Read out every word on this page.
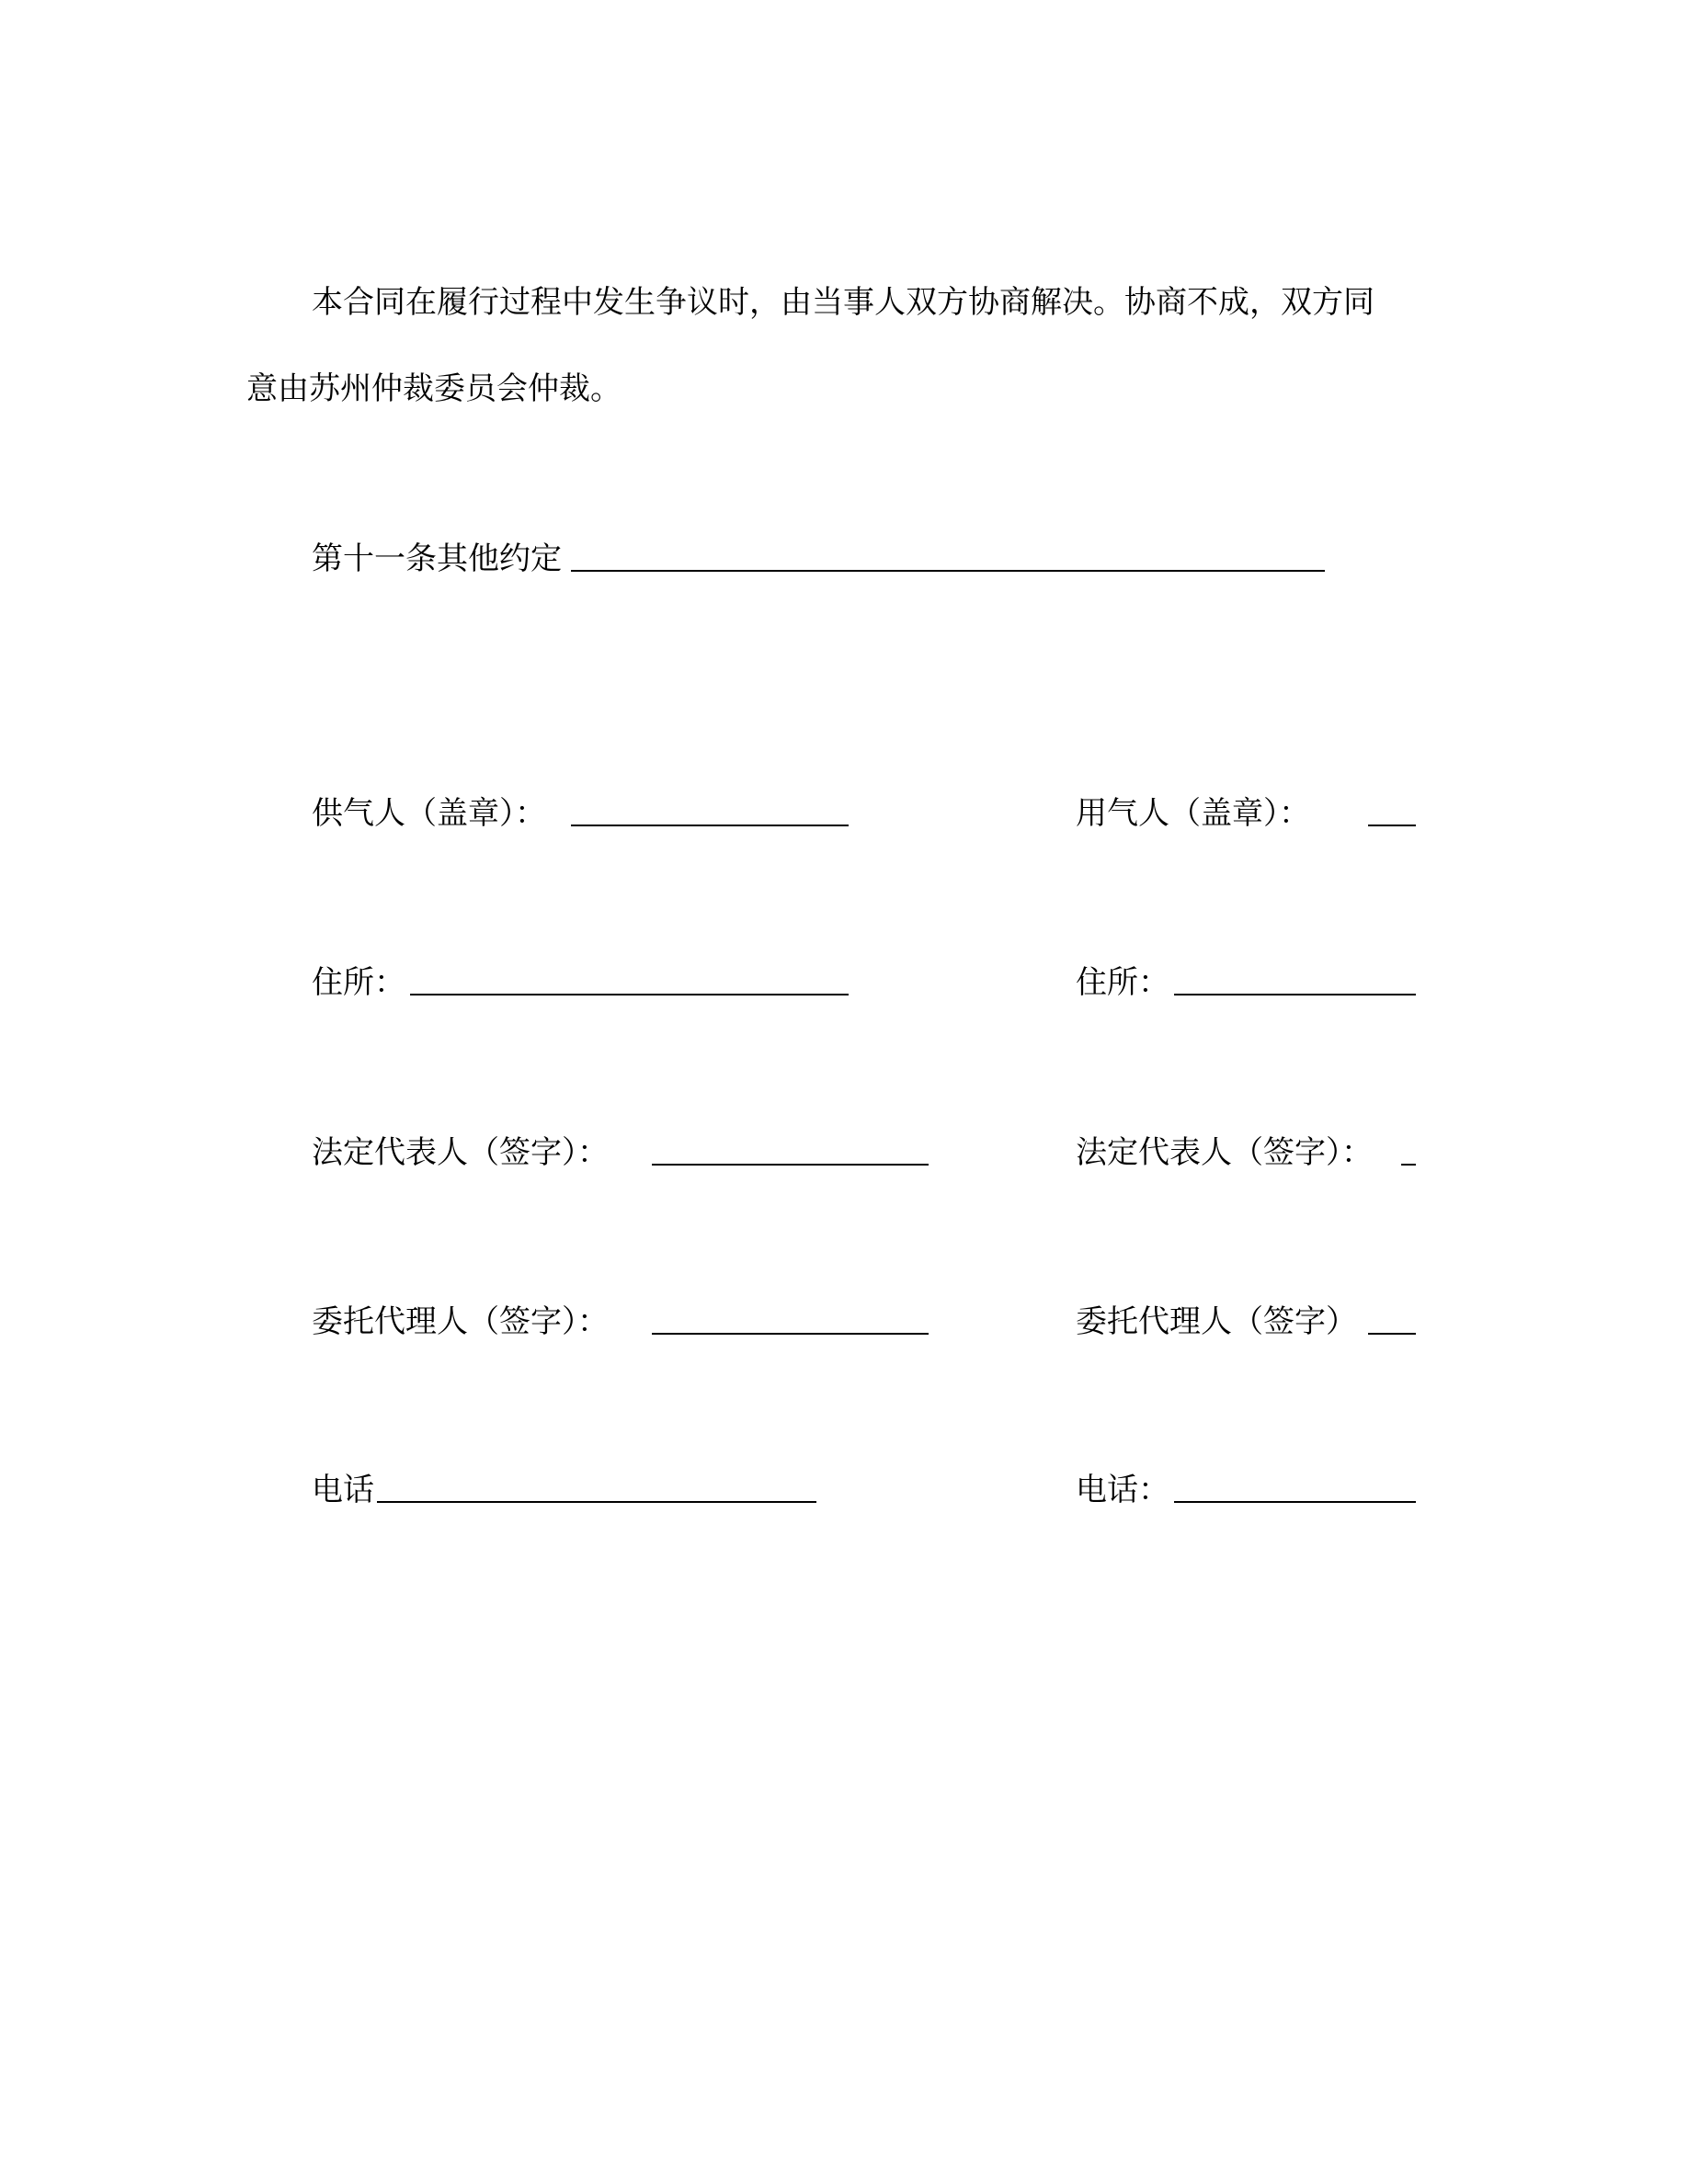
本合同在履行过程中发生争议时，由当事人双方协商解决。协商不成，双方同
意由苏州仲裁委员会仲裁。
第十一条其他约定
供气人（盖章）：	用气人（盖章）：
住所：	住所：
法定代表人（签字）：	法定代表人（签字）：
委托代理人（签字）：	委托代理人（签字）
电话	电话：
